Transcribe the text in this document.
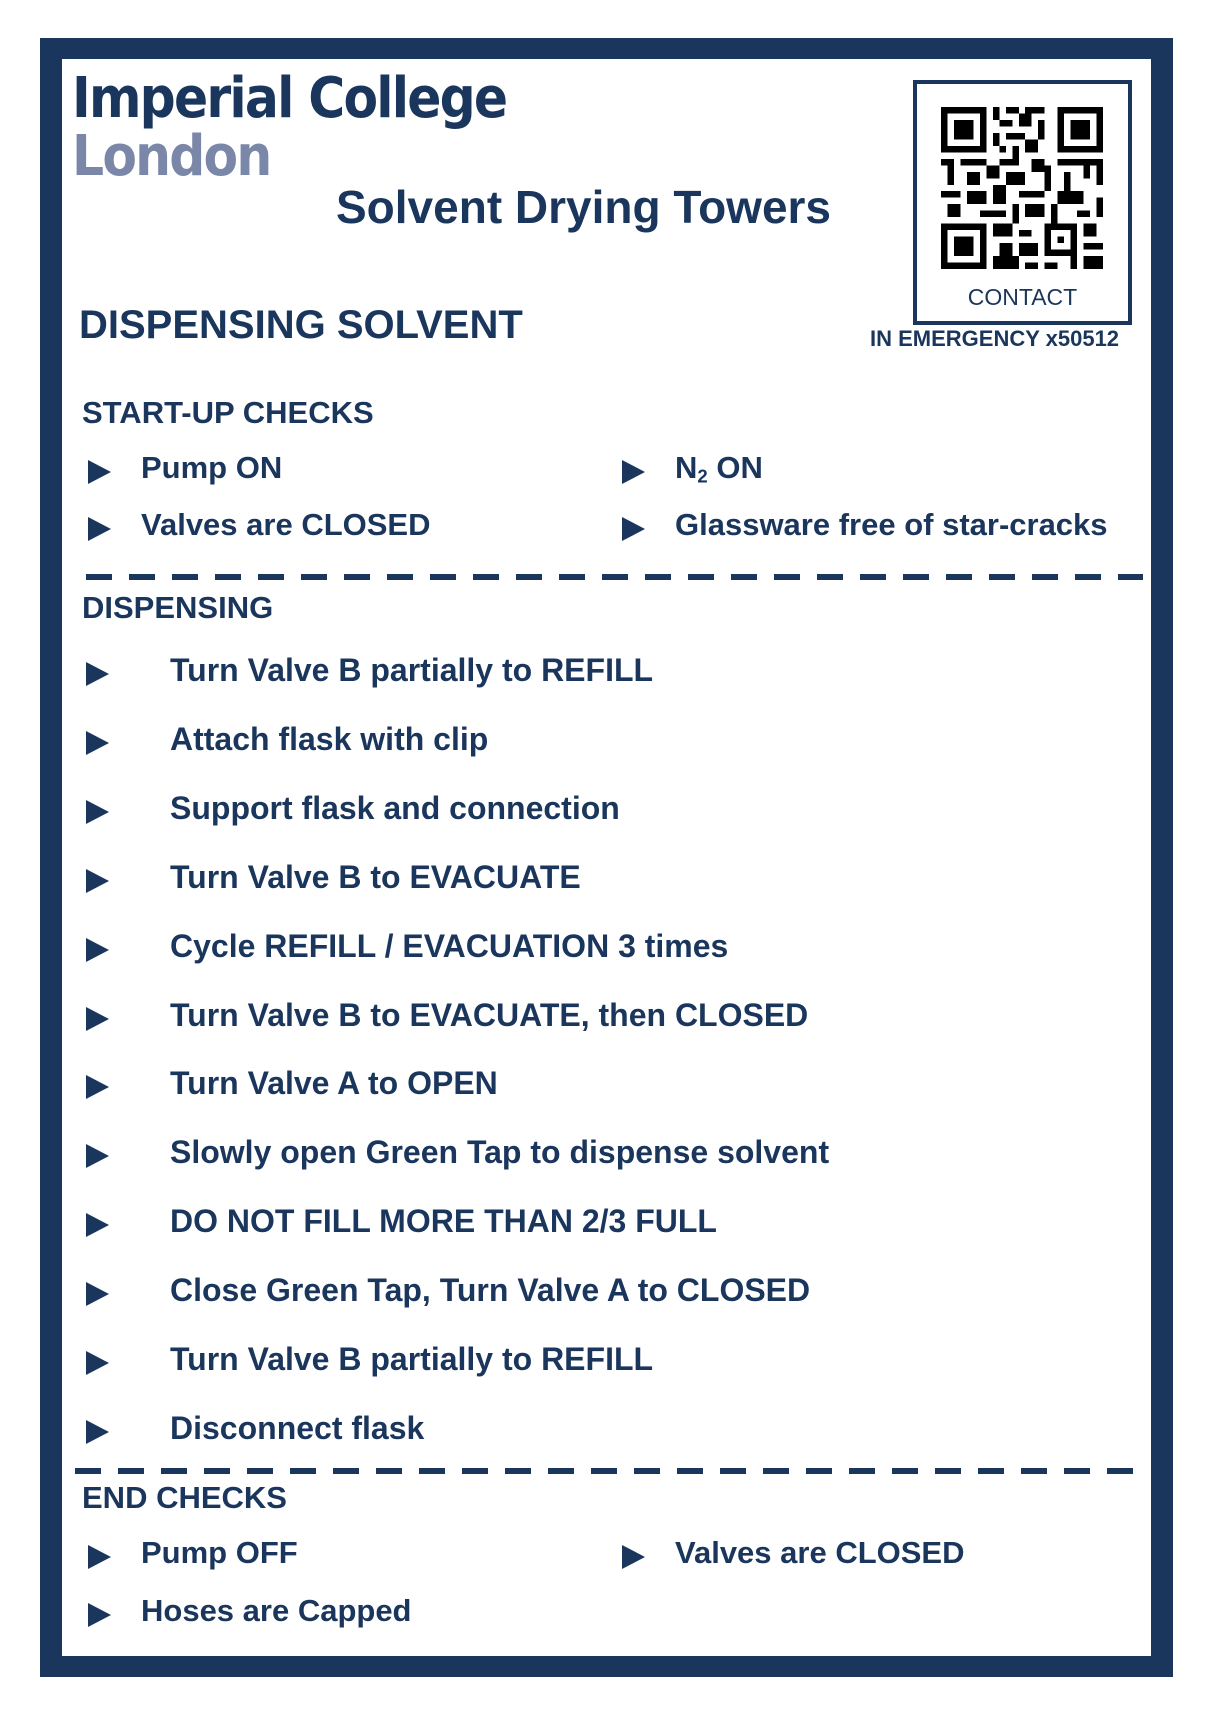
Imperial College
London
Solvent Drying Towers
DISPENSING SOLVENT
CONTACT
IN EMERGENCY x50512
START-UP CHECKS
Pump ON
Valves are CLOSED
$N_2$ ON
Glassware free of star-cracks
DISPENSING
Turn Valve B partially to REFILL
Attach flask with clip
Support flask and connection
Turn Valve B to EVACUATE
Cycle REFILL / EVACUATION 3 times
Turn Valve B to EVACUATE, then CLOSED
Turn Valve A to OPEN
Slowly open Green Tap to dispense solvent
DO NOT FILL MORE THAN 2/3 FULL
Close Green Tap, Turn Valve A to CLOSED
Turn Valve B partially to REFILL
Disconnect flask
END CHECKS
Pump OFF
Hoses are Capped
Valves are CLOSED
